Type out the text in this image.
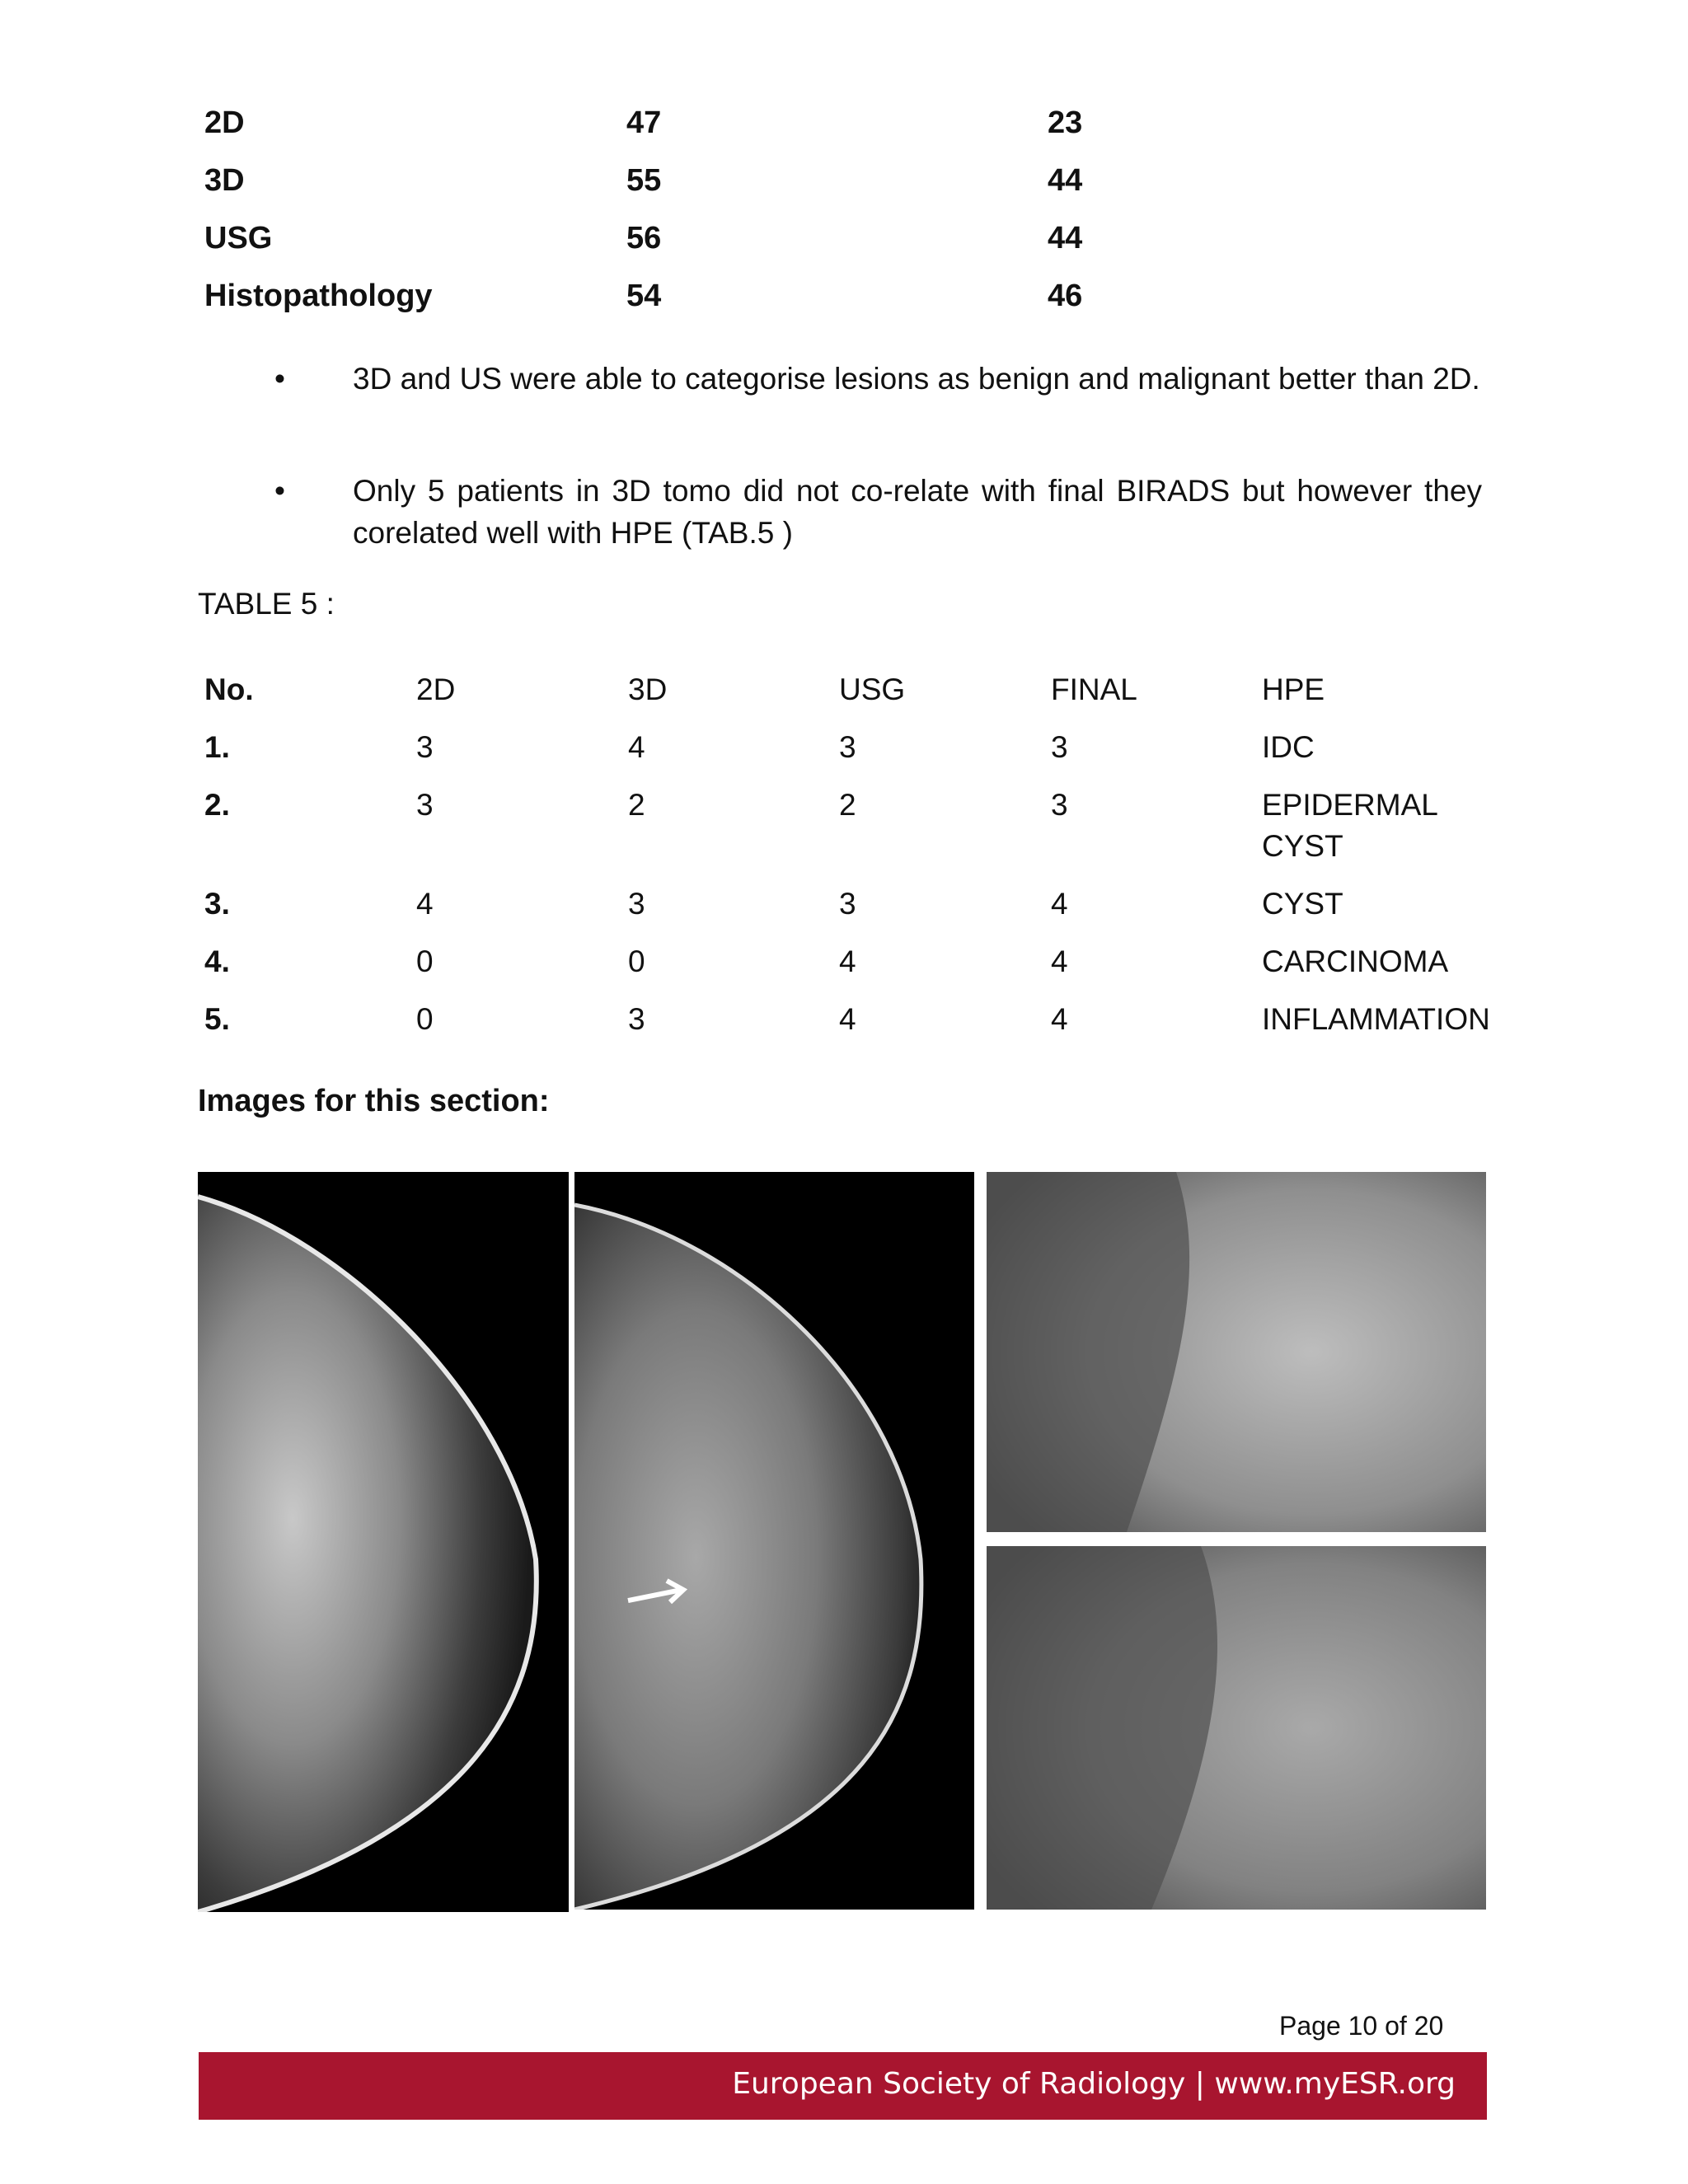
2D	47	23
3D	55	44
USG	56	44
Histopathology	54	46
• 3D and US were able to categorise lesions as benign and malignant better than 2D.
• Only 5 patients in 3D tomo did not co-relate with final BIRADS but however they corelated well with HPE (TAB.5 )
TABLE 5 :
No.	2D	3D	USG	FINAL	HPE
1.	3	4	3	3	IDC
2.	3	2	2	3	EPIDERMAL CYST
3.	4	3	3	4	CYST
4.	0	0	4	4	CARCINOMA
5.	0	3	4	4	INFLAMMATION
Images for this section:
Page 10 of 20
European Society of Radiology | www.myESR.org
